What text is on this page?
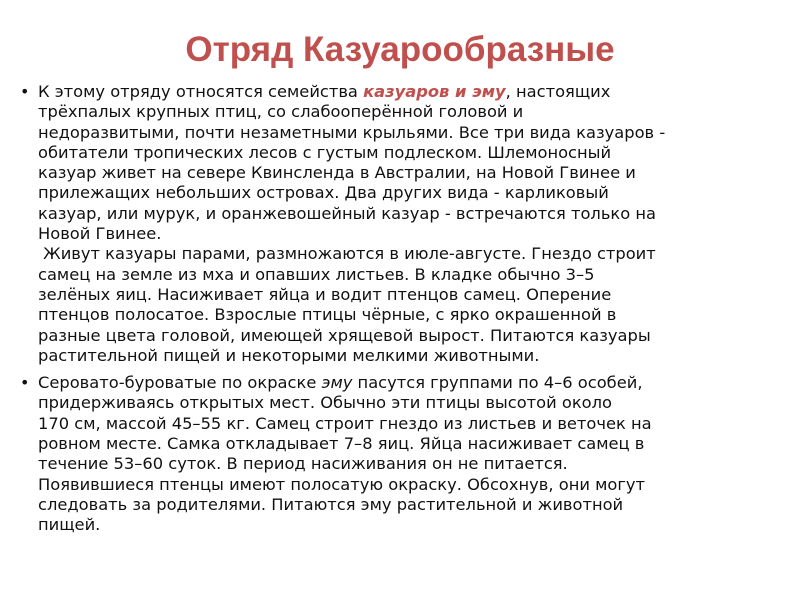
Отряд Казуарообразные
• К этому отряду относятся семейства казуаров и эму, настоящих
трёхпалых крупных птиц, со слабооперённой головой и
недоразвитыми, почти незаметными крыльями. Все три вида казуаров -
обитатели тропических лесов с густым подлеском. Шлемоносный
казуар живет на севере Квинсленда в Австралии, на Новой Гвинее и
прилежащих небольших островах. Два других вида - карликовый
казуар, или мурук, и оранжевошейный казуар - встречаются только на
Новой Гвинее.
Живут казуары парами, размножаются в июле-августе. Гнездо строит
самец на земле из мха и опавших листьев. В кладке обычно 3–5
зелёных яиц. Насиживает яйца и водит птенцов самец. Оперение
птенцов полосатое. Взрослые птицы чёрные, с ярко окрашенной в
разные цвета головой, имеющей хрящевой вырост. Питаются казуары
растительной пищей и некоторыми мелкими животными.
• Серовато-буроватые по окраске эму пасутся группами по 4–6 особей,
придерживаясь открытых мест. Обычно эти птицы высотой около
170 см, массой 45–55 кг. Самец строит гнездо из листьев и веточек на
ровном месте. Самка откладывает 7–8 яиц. Яйца насиживает самец в
течение 53–60 суток. В период насиживания он не питается.
Появившиеся птенцы имеют полосатую окраску. Обсохнув, они могут
следовать за родителями. Питаются эму растительной и животной
пищей.
